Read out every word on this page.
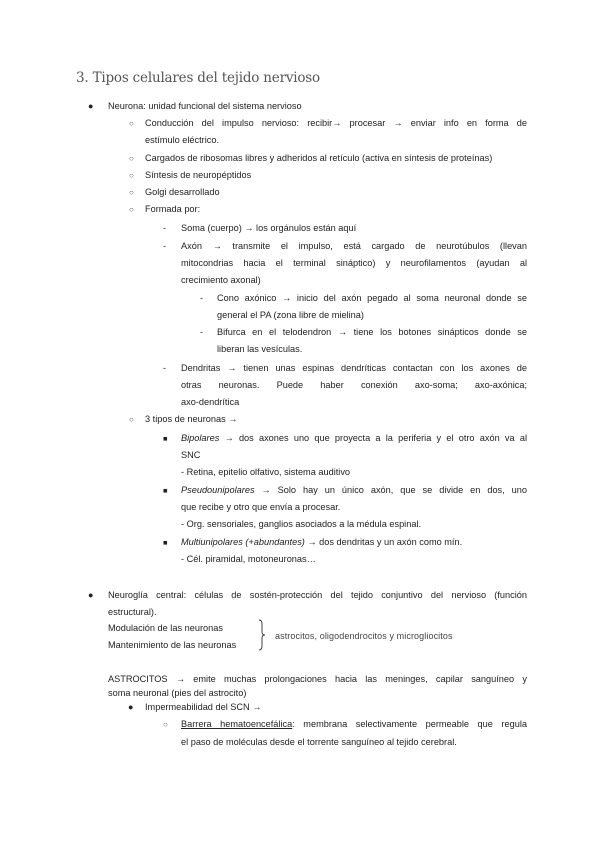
3. Tipos celulares del tejido nervioso
● Neurona: unidad funcional del sistema nervioso
○ Conducción del impulso nervioso: recibir→ procesar → enviar info en forma de
estímulo eléctrico.
○ Cargados de ribosomas libres y adheridos al retículo (activa en síntesis de proteínas)
○ Síntesis de neuropéptidos
○ Golgi desarrollado
○ Formada por:
- Soma (cuerpo) → los orgánulos están aquí
- Axón → transmite el impulso, está cargado de neurotúbulos (llevan
mitocondrias hacia el terminal sináptico) y neurofilamentos (ayudan al
crecimiento axonal)
- Cono axónico → inicio del axón pegado al soma neuronal donde se
general el PA (zona libre de mielina)
- Bifurca en el telodendron → tiene los botones sinápticos donde se
liberan las vesículas.
- Dendritas → tienen unas espinas dendríticas contactan con los axones de
otras neuronas. Puede haber conexión axo-soma; axo-axónica;
axo-dendrítica
○ 3 tipos de neuronas →
■ Bipolares → dos axones uno que proyecta a la periferia y el otro axón va al
SNC
- Retina, epitelio olfativo, sistema auditivo
■ Pseudounipolares → Solo hay un único axón, que se divide en dos, uno
que recibe y otro que envía a procesar.
- Org. sensoriales, ganglios asociados a la médula espinal.
■ Multiunipolares (+abundantes) → dos dendritas y un axón como mín.
- Cél. piramidal, motoneuronas…
● Neuroglía central: células de sostén-protección del tejido conjuntivo del nervioso (función
estructural).
Modulación de las neuronas
Mantenimiento de las neuronas
astrocitos, oligodendrocitos y microgliocitos
ASTROCITOS → emite muchas prolongaciones hacia las meninges, capilar sanguíneo y
soma neuronal (pies del astrocito)
● Impermeabilidad del SCN →
○ Barrera hematoencefálica: membrana selectivamente permeable que regula
el paso de moléculas desde el torrente sanguíneo al tejido cerebral.
